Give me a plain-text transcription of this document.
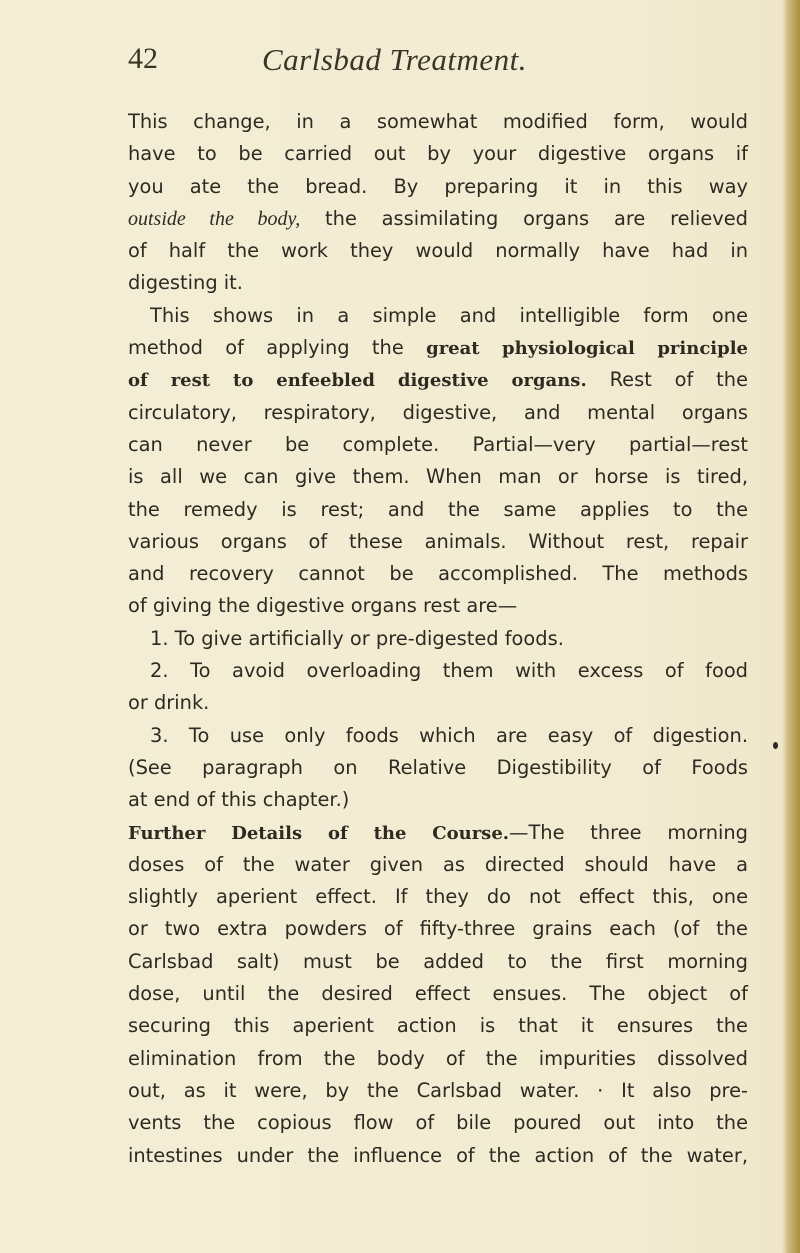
42	Carlsbad Treatment.
This change, in a somewhat modified form, would
have to be carried out by your digestive organs if
you ate the bread. By preparing it in this way
outside the body, the assimilating organs are relieved
of half the work they would normally have had in
digesting it.
This shows in a simple and intelligible form one
method of applying the great physiological principle
of rest to enfeebled digestive organs. Rest of the
circulatory, respiratory, digestive, and mental organs
can never be complete. Partial—very partial—rest
is all we can give them. When man or horse is tired,
the remedy is rest; and the same applies to the
various organs of these animals. Without rest, repair
and recovery cannot be accomplished. The methods
of giving the digestive organs rest are—
1. To give artificially or pre-digested foods.
2. To avoid overloading them with excess of food
or drink.
3. To use only foods which are easy of digestion.
(See paragraph on Relative Digestibility of Foods
at end of this chapter.)
Further Details of the Course.—The three morning
doses of the water given as directed should have a
slightly aperient effect. If they do not effect this, one
or two extra powders of fifty-three grains each (of the
Carlsbad salt) must be added to the first morning
dose, until the desired effect ensues. The object of
securing this aperient action is that it ensures the
elimination from the body of the impurities dissolved
out, as it were, by the Carlsbad water. · It also pre-
vents the copious flow of bile poured out into the
intestines under the influence of the action of the water,
